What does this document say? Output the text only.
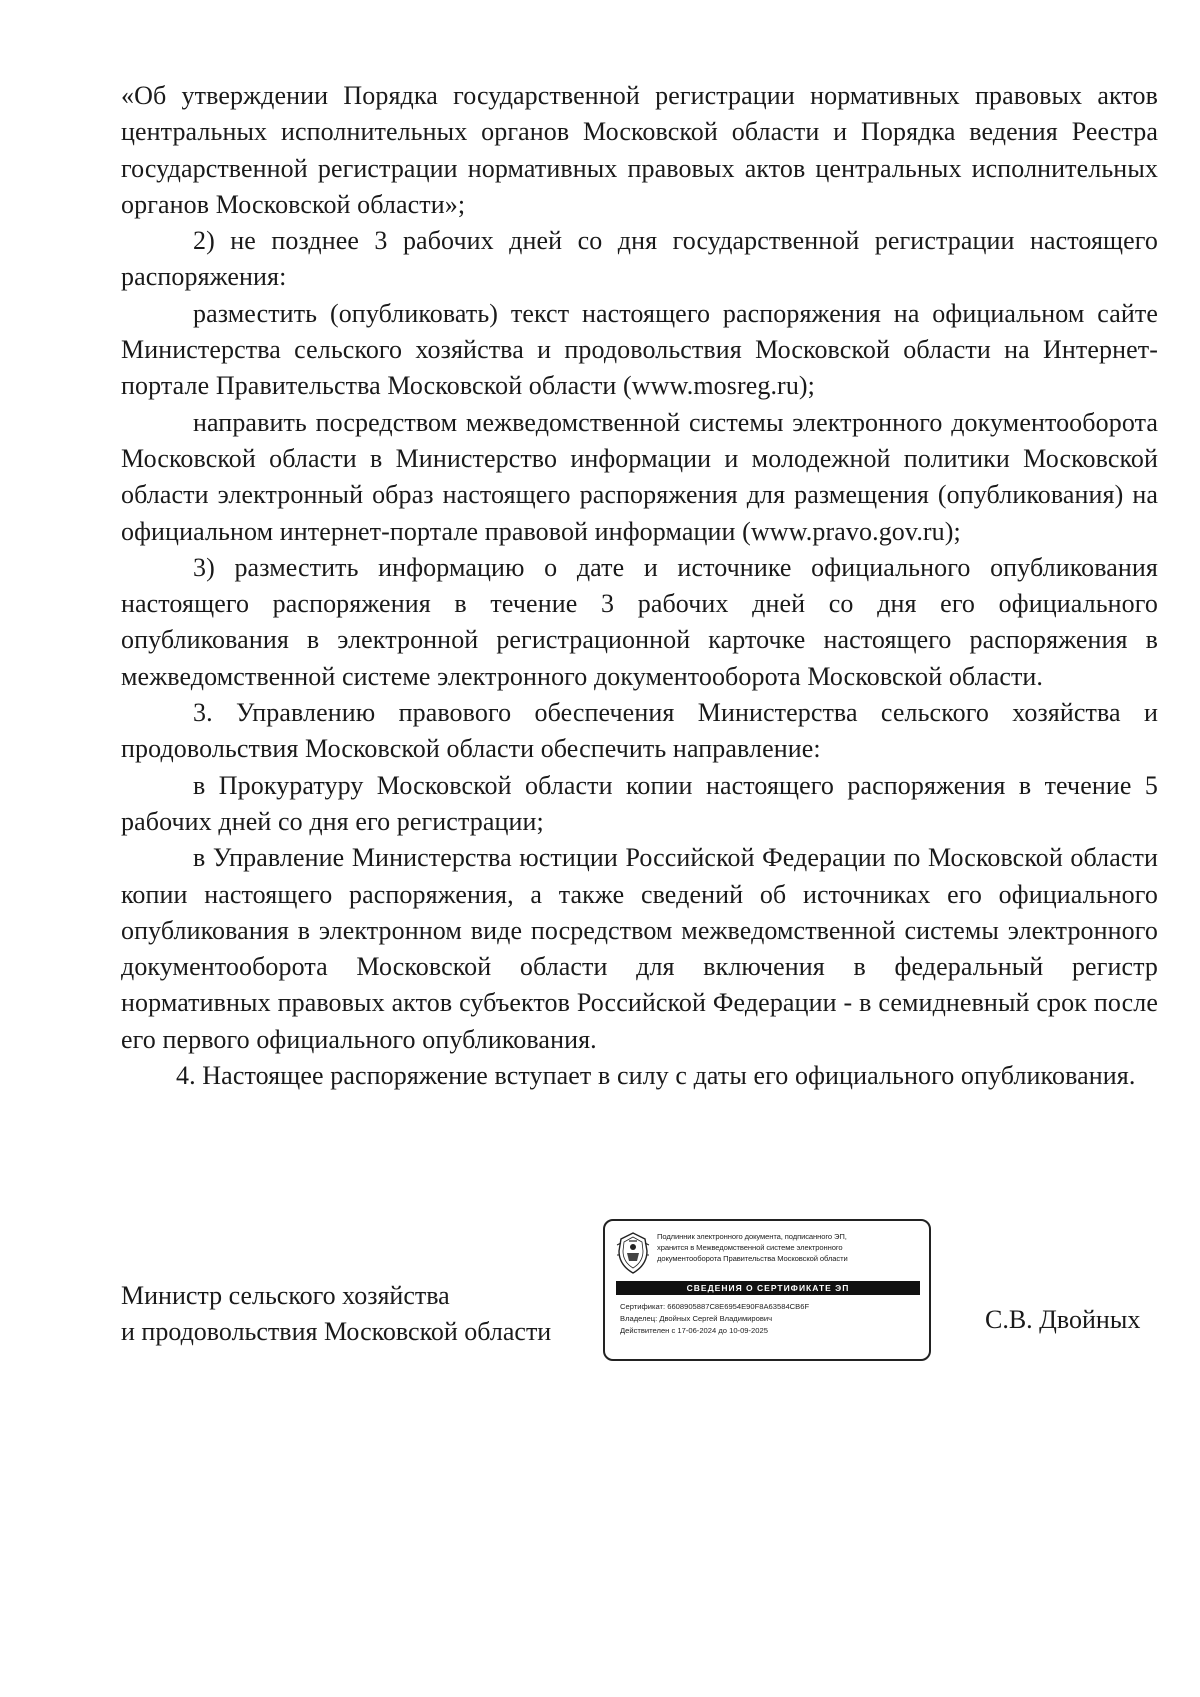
«Об утверждении Порядка государственной регистрации нормативных правовых актов центральных исполнительных органов Московской области и Порядка ведения Реестра государственной регистрации нормативных правовых актов центральных исполнительных органов Московской области»;

2) не позднее 3 рабочих дней со дня государственной регистрации настоящего распоряжения:

разместить (опубликовать) текст настоящего распоряжения на официальном сайте Министерства сельского хозяйства и продовольствия Московской области на Интернет-портале Правительства Московской области (www.mosreg.ru);

направить посредством межведомственной системы электронного документооборота Московской области в Министерство информации и молодежной политики Московской области электронный образ настоящего распоряжения для размещения (опубликования) на официальном интернет-портале правовой информации (www.pravo.gov.ru);

3) разместить информацию о дате и источнике официального опубликования настоящего распоряжения в течение 3 рабочих дней со дня его официального опубликования в электронной регистрационной карточке настоящего распоряжения в межведомственной системе электронного документооборота Московской области.

3. Управлению правового обеспечения Министерства сельского хозяйства и продовольствия Московской области обеспечить направление:

в Прокуратуру Московской области копии настоящего распоряжения в течение 5 рабочих дней со дня его регистрации;

в Управление Министерства юстиции Российской Федерации по Московской области копии настоящего распоряжения, а также сведений об источниках его официального опубликования в электронном виде посредством межведомственной системы электронного документооборота Московской области для включения в федеральный регистр нормативных правовых актов субъектов Российской Федерации - в семидневный срок после его первого официального опубликования.

4. Настоящее распоряжение вступает в силу с даты его официального опубликования.

Министр сельского хозяйства
и продовольствия Московской области
Подлинник электронного документа, подписанного ЭП,
хранится в Межведомственной системе электронного
документооборота Правительства Московской области
СВЕДЕНИЯ О СЕРТИФИКАТЕ ЭП
Сертификат: 6608905887C8E6954E90F8A63584CB6F
Владелец: Двойных Сергей Владимирович
Действителен с 17-06-2024 до 10-09-2025	С.В. Двойных
